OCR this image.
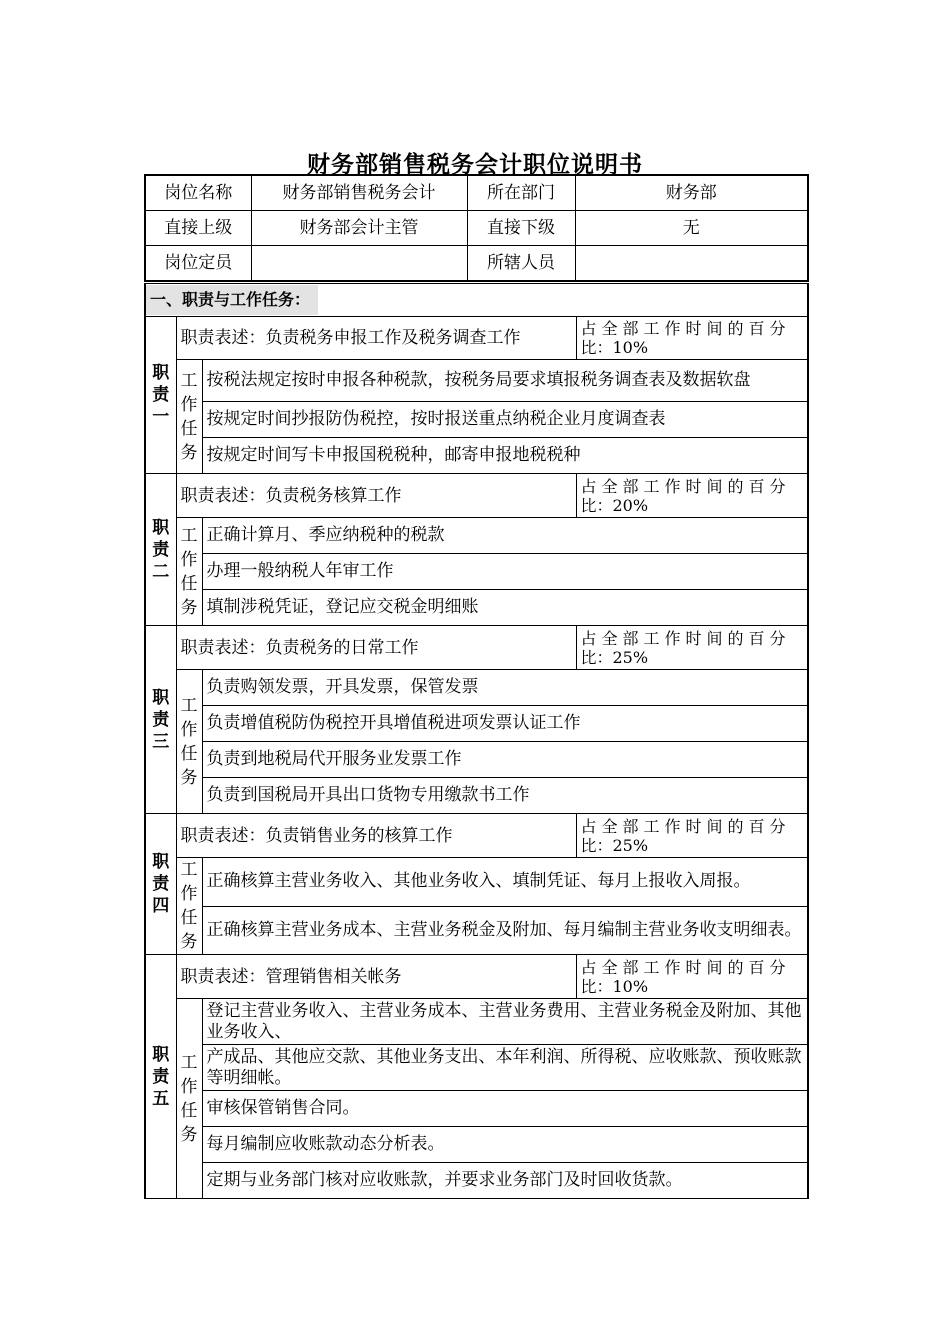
财务部销售税务会计职位说明书
岗位名称	财务部销售税务会计	所在部门	财务部
直接上级	财务部会计主管	直接下级	无
岗位定员		所辖人员	
一、职责与工作任务：			

职
责
一	职责表述：负责税务申报工作及税务调查工作		占全部工作时间的百分
比：10%

	工
作
任
务	按税法规定按时申报各种税款，按税务局要求填报税务调查表及数据软盘	
		按规定时间抄报防伪税控，按时报送重点纳税企业月度调查表	
		按规定时间写卡申报国税税种，邮寄申报地税税种	

职
责
二	职责表述：负责税务核算工作		占全部工作时间的百分
比：20%

	工
作
任
务	正确计算月、季应纳税种的税款	
		办理一般纳税人年审工作	
		填制涉税凭证，登记应交税金明细账	

职
责
三	职责表述：负责税务的日常工作		占全部工作时间的百分
比：25%

	工
作
任
务	负责购领发票，开具发票，保管发票	
		负责增值税防伪税控开具增值税进项发票认证工作	
		负责到地税局代开服务业发票工作	
		负责到国税局开具出口货物专用缴款书工作	

职
责
四	职责表述：负责销售业务的核算工作		占全部工作时间的百分
比：25%

	工
作
任
务	正确核算主营业务收入、其他业务收入、填制凭证、每月上报收入周报。	
		正确核算主营业务成本、主营业务税金及附加、每月编制主营业务收支明细表。	

职
责
五	职责表述：管理销售相关帐务		占全部工作时间的百分
比：10%

	工
作
任
务	登记主营业务收入、主营业务成本、主营业务费用、主营业务税金及附加、其他业务收入、	
		产成品、其他应交款、其他业务支出、本年利润、所得税、应收账款、预收账款等明细帐。	
		审核保管销售合同。	
		每月编制应收账款动态分析表。	
		定期与业务部门核对应收账款，并要求业务部门及时回收货款。	
